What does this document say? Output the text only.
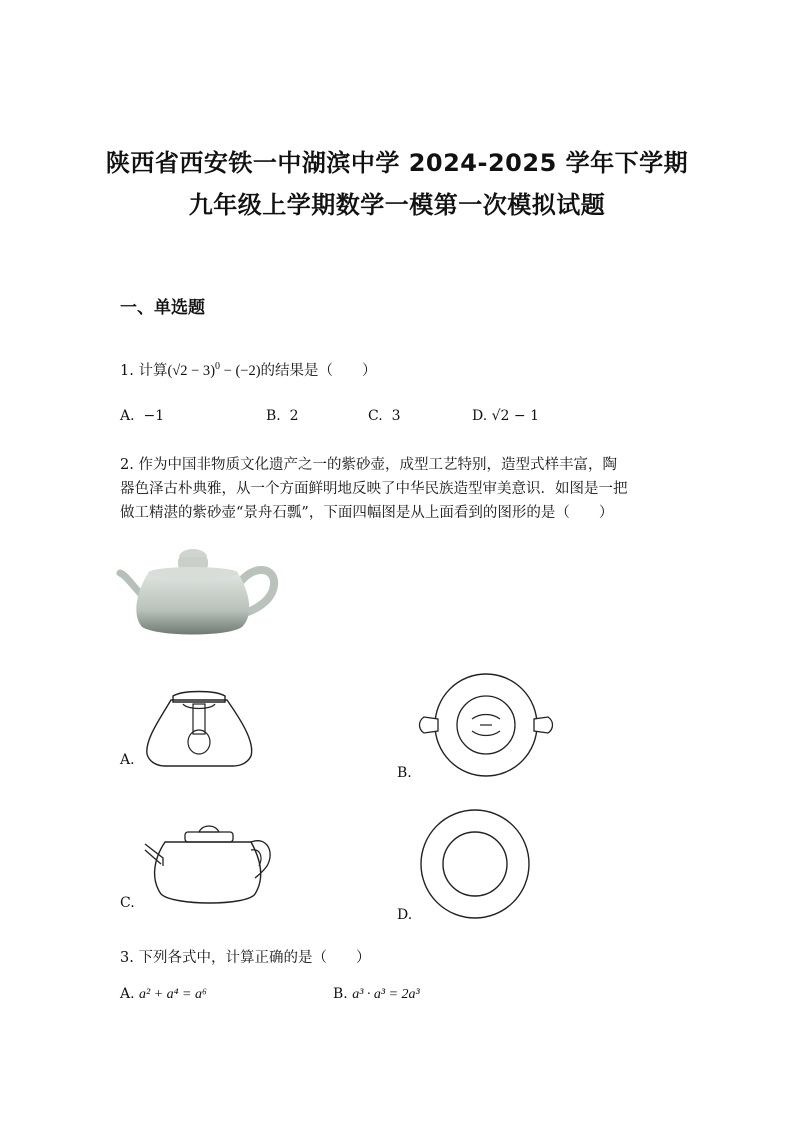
陕西省西安铁一中湖滨中学 2024-2025 学年下学期
九年级上学期数学一模第一次模拟试题
一、单选题
1. 计算$(√2 - 3)^0 - (-2)$的结果是（　　）
A. −1	B. 2	C. 3	D. √2 − 1
2. 作为中国非物质文化遗产之一的紫砂壶，成型工艺特别，造型式样丰富，陶
器色泽古朴典雅，从一个方面鲜明地反映了中华民族造型审美意识．如图是一把
做工精湛的紫砂壶“景舟石瓢”，下面四幅图是从上面看到的图形的是（　　）
A.
B.
C.
D.
3. 下列各式中，计算正确的是（　　）
A. a² + a⁴ = a⁶	B. a³ · a³ = 2a³
